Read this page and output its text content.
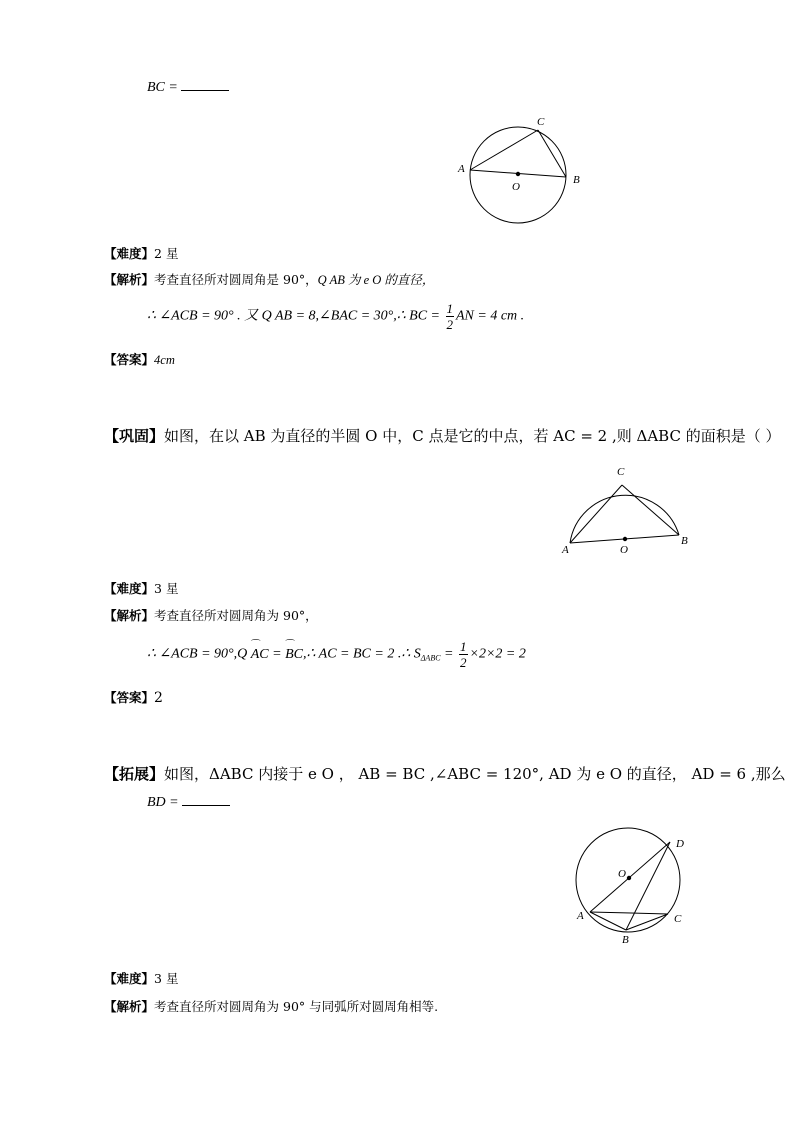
BC =
A
B
C
O
【难度】2 星
【解析】考查直径所对圆周角是 90°，Q AB 为 e O 的直径，
∴ ∠ACB = 90° . 又 Q AB = 8,∠BAC = 30°,∴ BC = $\frac{1}{2}$ AN = 4 cm .
【答案】4cm
【巩固】如图，在以 AB 为直径的半圆 O 中，C 点是它的中点，若 AC = 2 ,则 ΔABC 的面积是（ ）
A
B
C
O
【难度】3 星
【解析】考查直径所对圆周角为 90°，
∴ ∠ACB = 90°,Q ⌒ AC = ⌒ BC,∴ AC = BC = 2 .∴ $S_{\Delta ABC} = \frac{1}{2} \times 2\times 2 = 2$
【答案】2
【拓展】如图，ΔABC 内接于 e O ， AB = BC ,∠ABC = 120°, AD 为 e O 的直径， AD = 6 ,那么
BD =
A
B
C
D
O
【难度】3 星
【解析】考查直径所对圆周角为 90° 与同弧所对圆周角相等.
